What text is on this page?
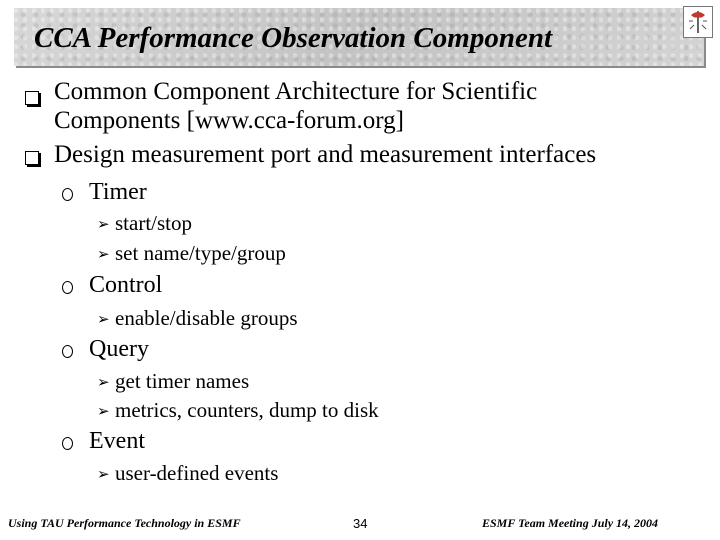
CCA Performance Observation Component
Common Component Architecture for Scientific
Components [www.cca-forum.org]
Design measurement port and measurement interfaces
Timer
➢ start/stop
➢ set name/type/group
Control
➢ enable/disable groups
Query
➢ get timer names
➢ metrics, counters, dump to disk
Event
➢ user-defined events
Using TAU Performance Technology in ESMF	34	ESMF Team Meeting July 14, 2004
